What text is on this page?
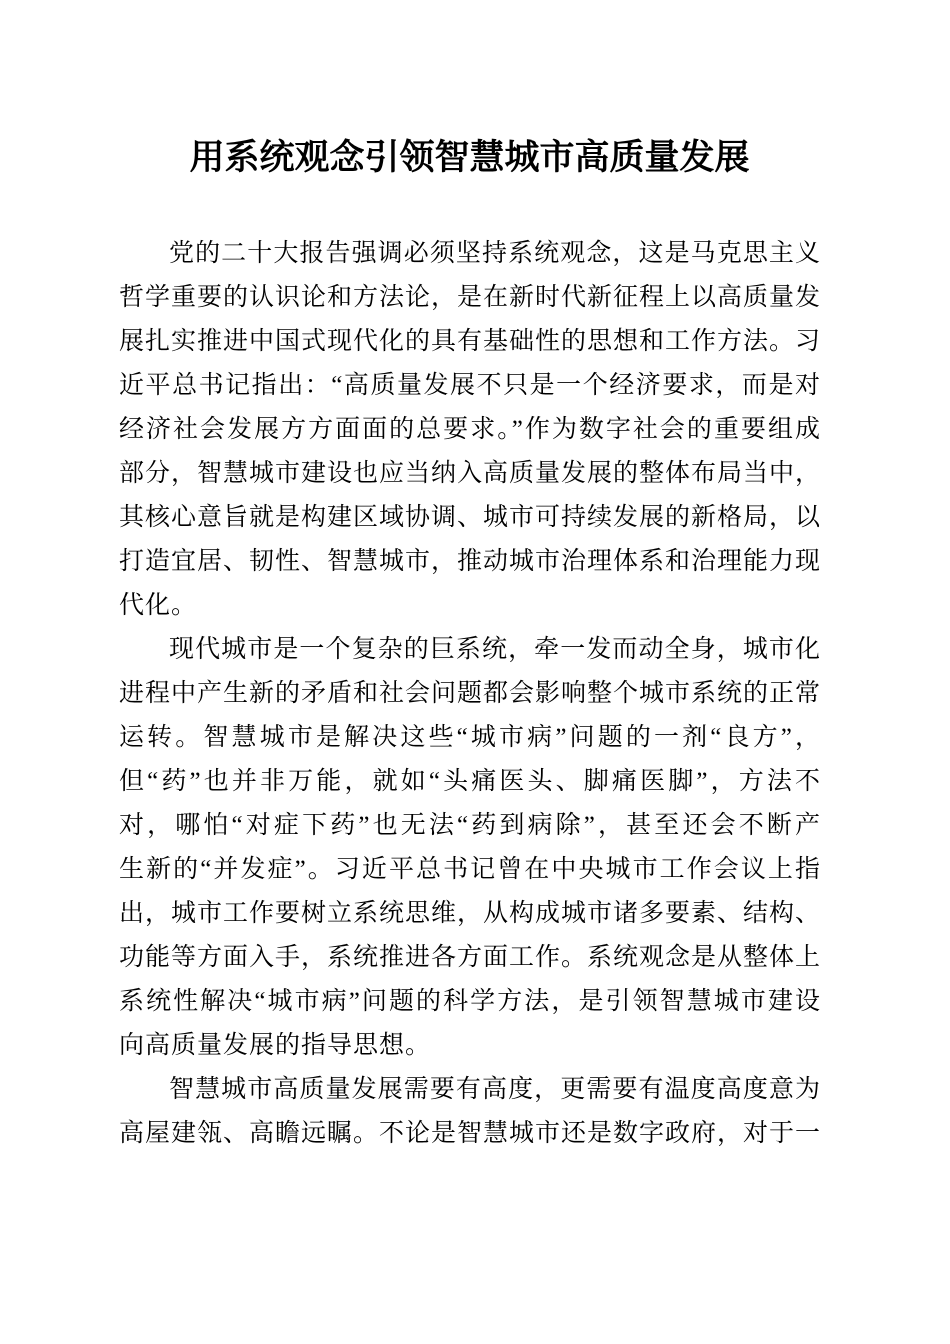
用系统观念引领智慧城市高质量发展
党的二十大报告强调必须坚持系统观念，这是马克思主义
哲学重要的认识论和方法论，是在新时代新征程上以高质量发
展扎实推进中国式现代化的具有基础性的思想和工作方法。习
近平总书记指出：“高质量发展不只是一个经济要求，而是对
经济社会发展方方面面的总要求。”作为数字社会的重要组成
部分，智慧城市建设也应当纳入高质量发展的整体布局当中，
其核心意旨就是构建区域协调、城市可持续发展的新格局，以
打造宜居、韧性、智慧城市，推动城市治理体系和治理能力现
代化。
现代城市是一个复杂的巨系统，牵一发而动全身，城市化
进程中产生新的矛盾和社会问题都会影响整个城市系统的正常
运转。智慧城市是解决这些“城市病”问题的一剂“良方”，
但“药”也并非万能，就如“头痛医头、脚痛医脚”，方法不
对，哪怕“对症下药”也无法“药到病除”，甚至还会不断产
生新的“并发症”。习近平总书记曾在中央城市工作会议上指
出，城市工作要树立系统思维，从构成城市诸多要素、结构、
功能等方面入手，系统推进各方面工作。系统观念是从整体上
系统性解决“城市病”问题的科学方法，是引领智慧城市建设
向高质量发展的指导思想。
智慧城市高质量发展需要有高度，更需要有温度高度意为
高屋建瓴、高瞻远瞩。不论是智慧城市还是数字政府，对于一
